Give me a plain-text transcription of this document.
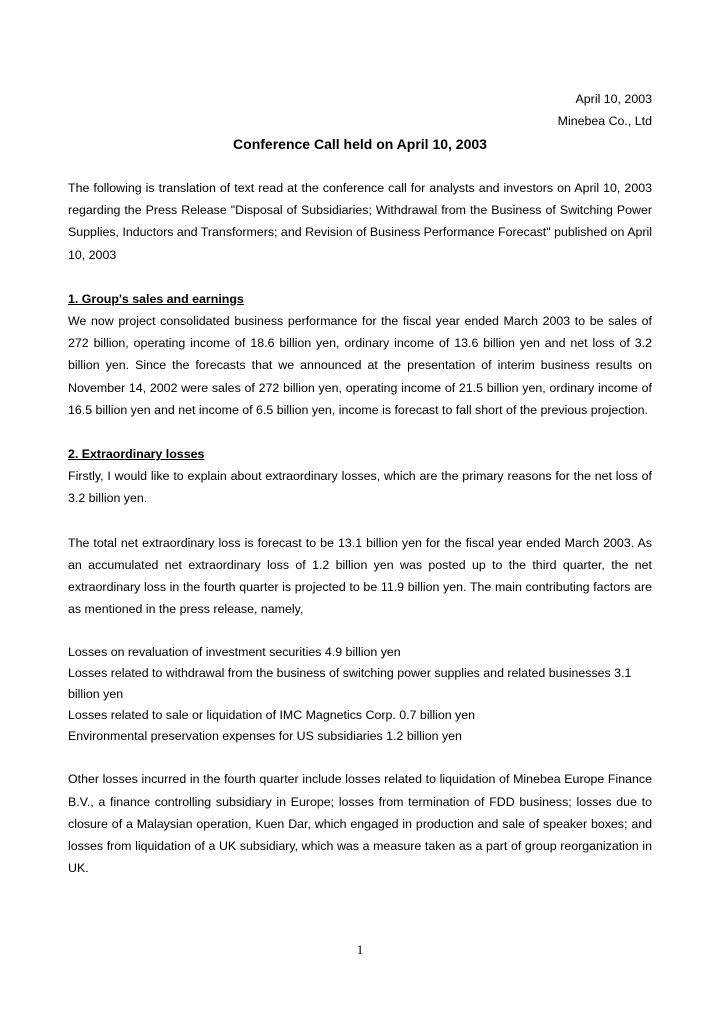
April 10, 2003
Minebea Co., Ltd
Conference Call held on April 10, 2003

The following is translation of text read at the conference call for analysts and investors on April 10, 2003 regarding the Press Release "Disposal of Subsidiaries; Withdrawal from the Business of Switching Power Supplies, Inductors and Transformers; and Revision of Business Performance Forecast" published on April 10, 2003

1. Group's sales and earnings

We now project consolidated business performance for the fiscal year ended March 2003 to be sales of 272 billion, operating income of 18.6 billion yen, ordinary income of 13.6 billion yen and net loss of 3.2 billion yen. Since the forecasts that we announced at the presentation of interim business results on November 14, 2002 were sales of 272 billion yen, operating income of 21.5 billion yen, ordinary income of 16.5 billion yen and net income of 6.5 billion yen, income is forecast to fall short of the previous projection.

2. Extraordinary losses

Firstly, I would like to explain about extraordinary losses, which are the primary reasons for the net loss of 3.2 billion yen.

The total net extraordinary loss is forecast to be 13.1 billion yen for the fiscal year ended March 2003. As an accumulated net extraordinary loss of 1.2 billion yen was posted up to the third quarter, the net extraordinary loss in the fourth quarter is projected to be 11.9 billion yen. The main contributing factors are as mentioned in the press release, namely,

Losses on revaluation of investment securities 4.9 billion yen
Losses related to withdrawal from the business of switching power supplies and related businesses 3.1 billion yen
Losses related to sale or liquidation of IMC Magnetics Corp. 0.7 billion yen
Environmental preservation expenses for US subsidiaries 1.2 billion yen

Other losses incurred in the fourth quarter include losses related to liquidation of Minebea Europe Finance B.V., a finance controlling subsidiary in Europe; losses from termination of FDD business; losses due to closure of a Malaysian operation, Kuen Dar, which engaged in production and sale of speaker boxes; and losses from liquidation of a UK subsidiary, which was a measure taken as a part of group reorganization in UK.

1
